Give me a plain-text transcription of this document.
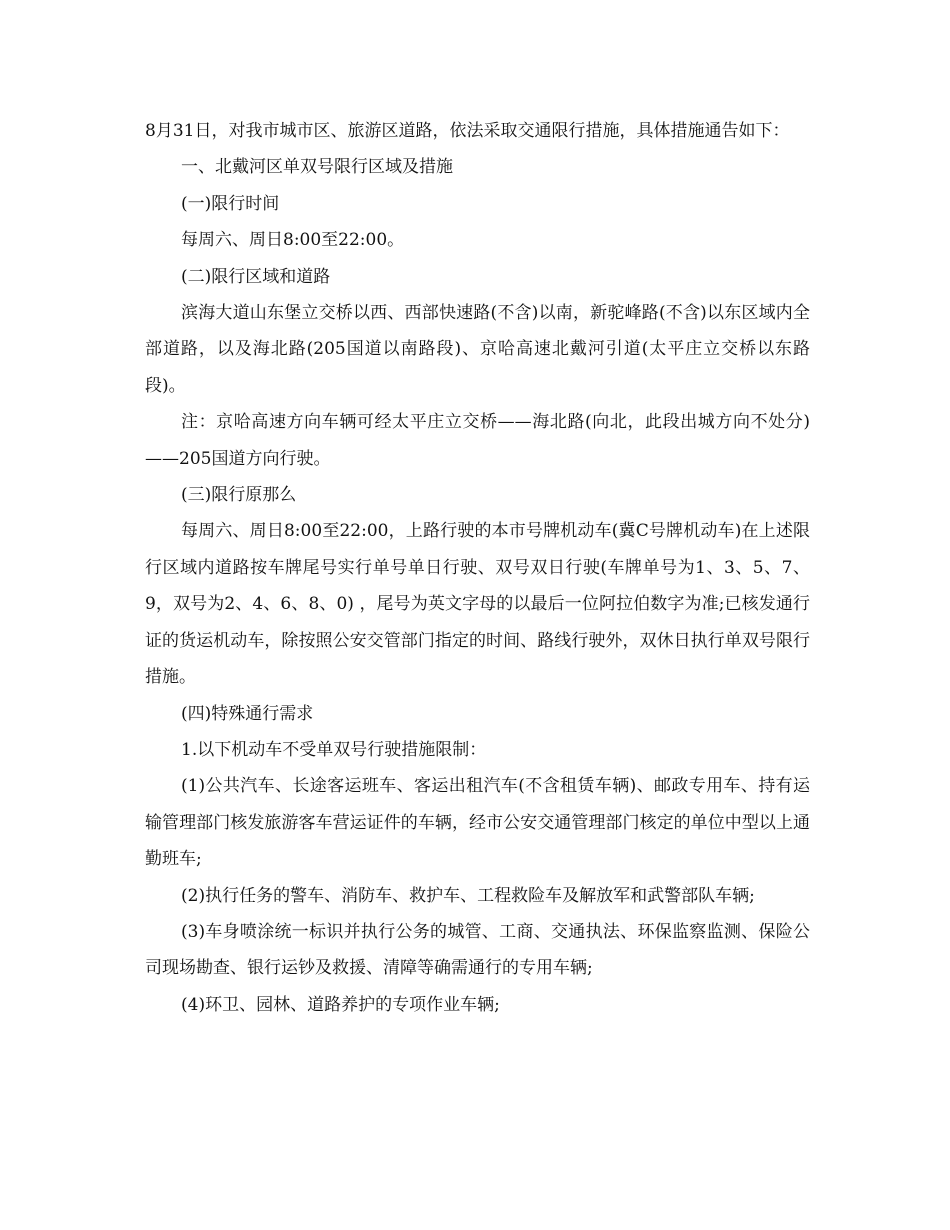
8月31日，对我市城市区、旅游区道路，依法采取交通限行措施，具体措施通告如下：

一、北戴河区单双号限行区域及措施

(一)限行时间

每周六、周日8:00至22:00。

(二)限行区域和道路

滨海大道山东堡立交桥以西、西部快速路(不含)以南，新驼峰路(不含)以东区域内全部道路，以及海北路(205国道以南路段)、京哈高速北戴河引道(太平庄立交桥以东路段)。

注：京哈高速方向车辆可经太平庄立交桥——海北路(向北，此段出城方向不处分)——205国道方向行驶。

(三)限行原那么

每周六、周日8:00至22:00，上路行驶的本市号牌机动车(冀C号牌机动车)在上述限行区域内道路按车牌尾号实行单号单日行驶、双号双日行驶(车牌单号为1、3、5、7、9，双号为2、4、6、8、0) ，尾号为英文字母的以最后一位阿拉伯数字为准;已核发通行证的货运机动车，除按照公安交管部门指定的时间、路线行驶外，双休日执行单双号限行措施。

(四)特殊通行需求

1.以下机动车不受单双号行驶措施限制：

(1)公共汽车、长途客运班车、客运出租汽车(不含租赁车辆)、邮政专用车、持有运输管理部门核发旅游客车营运证件的车辆，经市公安交通管理部门核定的单位中型以上通勤班车;

(2)执行任务的警车、消防车、救护车、工程救险车及解放军和武警部队车辆;

(3)车身喷涂统一标识并执行公务的城管、工商、交通执法、环保监察监测、保险公司现场勘查、银行运钞及救援、清障等确需通行的专用车辆;

(4)环卫、园林、道路养护的专项作业车辆;
